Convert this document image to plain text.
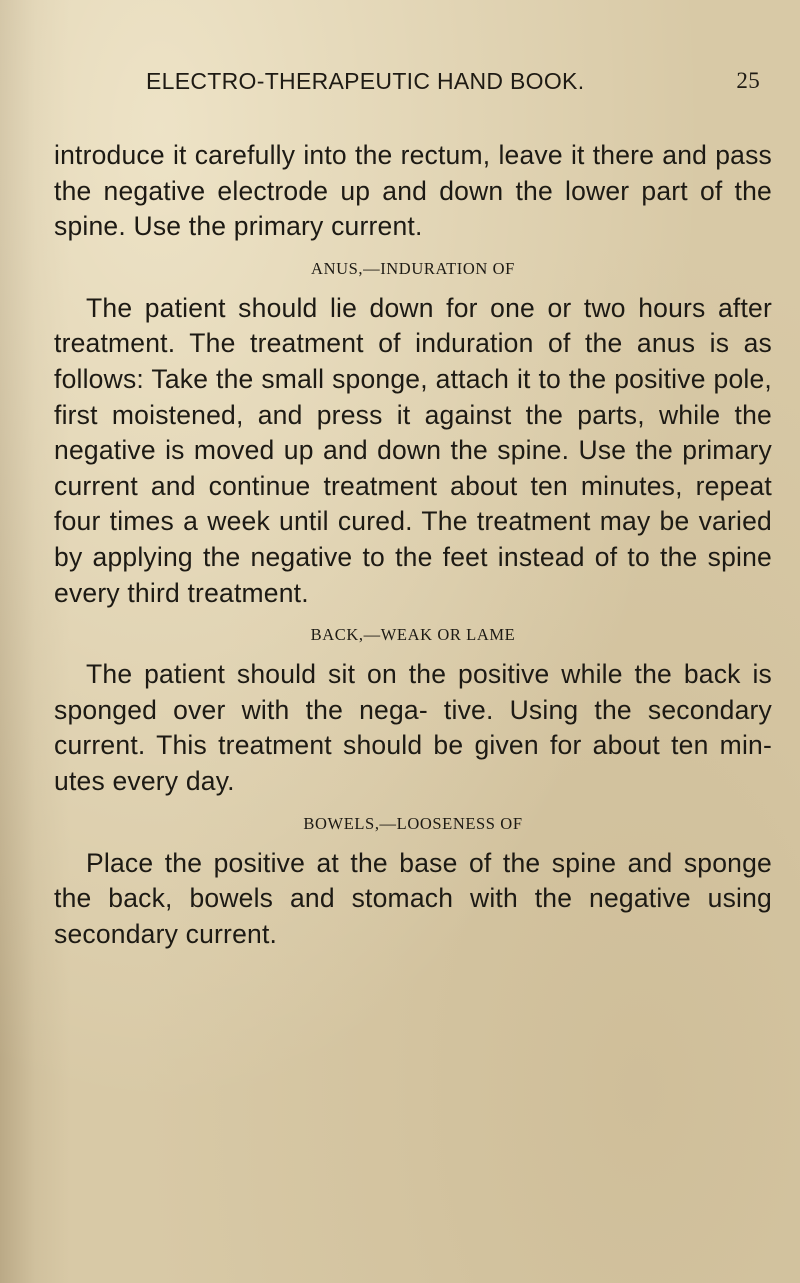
ELECTRO-THERAPEUTIC HAND BOOK.	25

introduce it carefully into the rectum, leave it there and pass the negative electrode up and down the lower part of the spine. Use the primary current.

ANUS,—INDURATION OF

The patient should lie down for one or two hours after treatment. The treatment of induration of the anus is as follows: Take the small sponge, attach it to the positive pole, first moistened, and press it against the parts, while the negative is moved up and down the spine. Use the primary current and continue treatment about ten minutes, repeat four times a week until cured. The treatment may be varied by applying the negative to the feet instead of to the spine every third treatment.

BACK,—WEAK OR LAME

The patient should sit on the positive while the back is sponged over with the nega- tive. Using the secondary current. This treatment should be given for about ten min- utes every day.

BOWELS,—LOOSENESS OF

Place the positive at the base of the spine and sponge the back, bowels and stomach with the negative using secondary current.
